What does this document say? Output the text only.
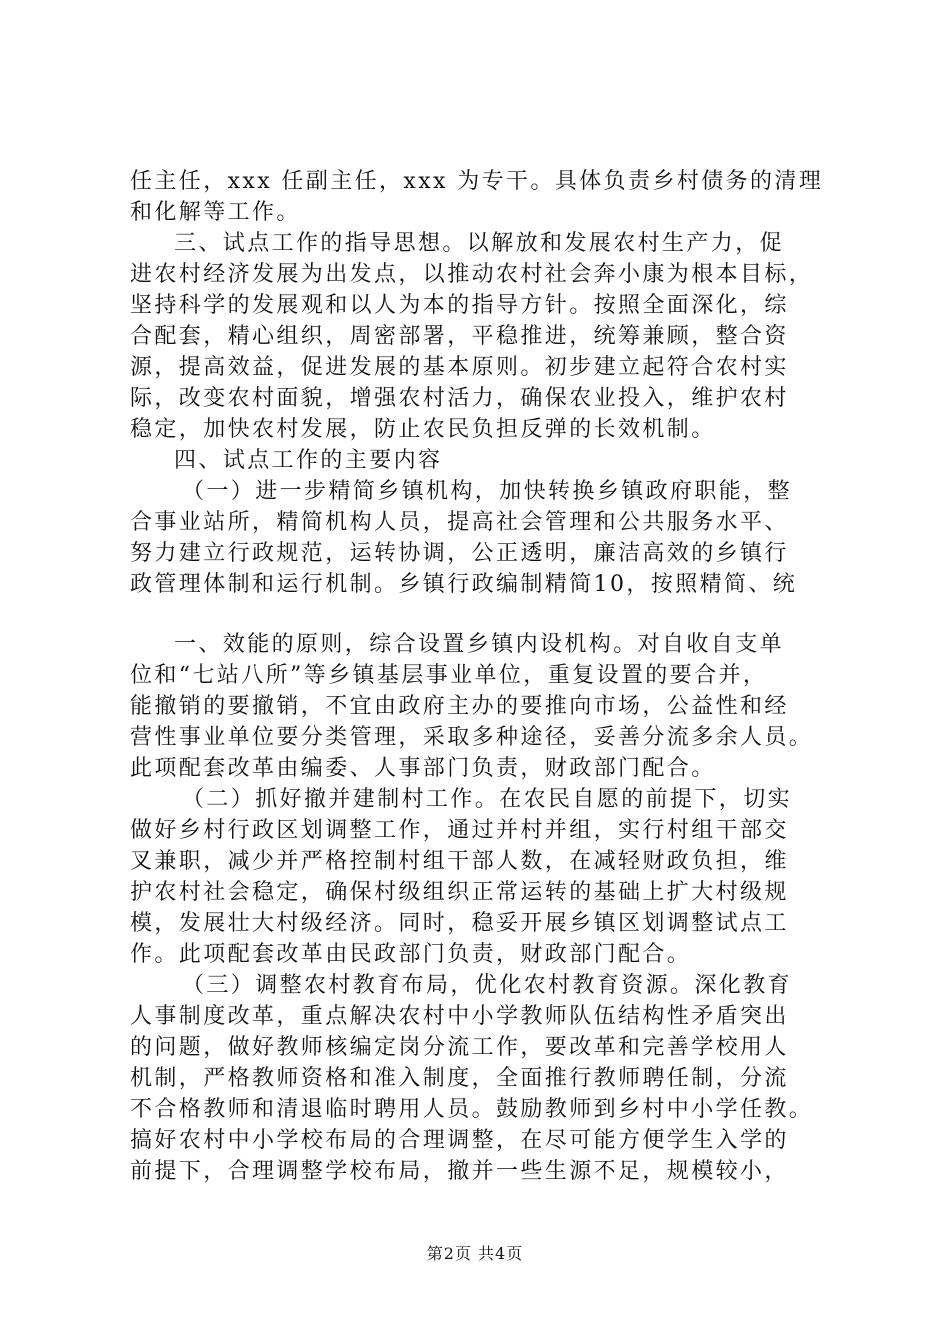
任主任，xxx 任副主任，xxx 为专干。具体负责乡村债务的清理
和化解等工作。
三、试点工作的指导思想。以解放和发展农村生产力，促
进农村经济发展为出发点，以推动农村社会奔小康为根本目标，
坚持科学的发展观和以人为本的指导方针。按照全面深化，综
合配套，精心组织，周密部署，平稳推进，统筹兼顾，整合资
源，提高效益，促进发展的基本原则。初步建立起符合农村实
际，改变农村面貌，增强农村活力，确保农业投入，维护农村
稳定，加快农村发展，防止农民负担反弹的长效机制。
四、试点工作的主要内容
（一）进一步精简乡镇机构，加快转换乡镇政府职能，整
合事业站所，精简机构人员，提高社会管理和公共服务水平、
努力建立行政规范，运转协调，公正透明，廉洁高效的乡镇行
政管理体制和运行机制。乡镇行政编制精简10，按照精简、统
一、效能的原则，综合设置乡镇内设机构。对自收自支单
位和“七站八所”等乡镇基层事业单位，重复设置的要合并，
能撤销的要撤销，不宜由政府主办的要推向市场，公益性和经
营性事业单位要分类管理，采取多种途径，妥善分流多余人员。
此项配套改革由编委、人事部门负责，财政部门配合。
（二）抓好撤并建制村工作。在农民自愿的前提下，切实
做好乡村行政区划调整工作，通过并村并组，实行村组干部交
叉兼职，减少并严格控制村组干部人数，在减轻财政负担，维
护农村社会稳定，确保村级组织正常运转的基础上扩大村级规
模，发展壮大村级经济。同时，稳妥开展乡镇区划调整试点工
作。此项配套改革由民政部门负责，财政部门配合。
（三）调整农村教育布局，优化农村教育资源。深化教育
人事制度改革，重点解决农村中小学教师队伍结构性矛盾突出
的问题，做好教师核编定岗分流工作，要改革和完善学校用人
机制，严格教师资格和准入制度，全面推行教师聘任制，分流
不合格教师和清退临时聘用人员。鼓励教师到乡村中小学任教。
搞好农村中小学校布局的合理调整，在尽可能方便学生入学的
前提下，合理调整学校布局，撤并一些生源不足，规模较小，
第2页 共4页
